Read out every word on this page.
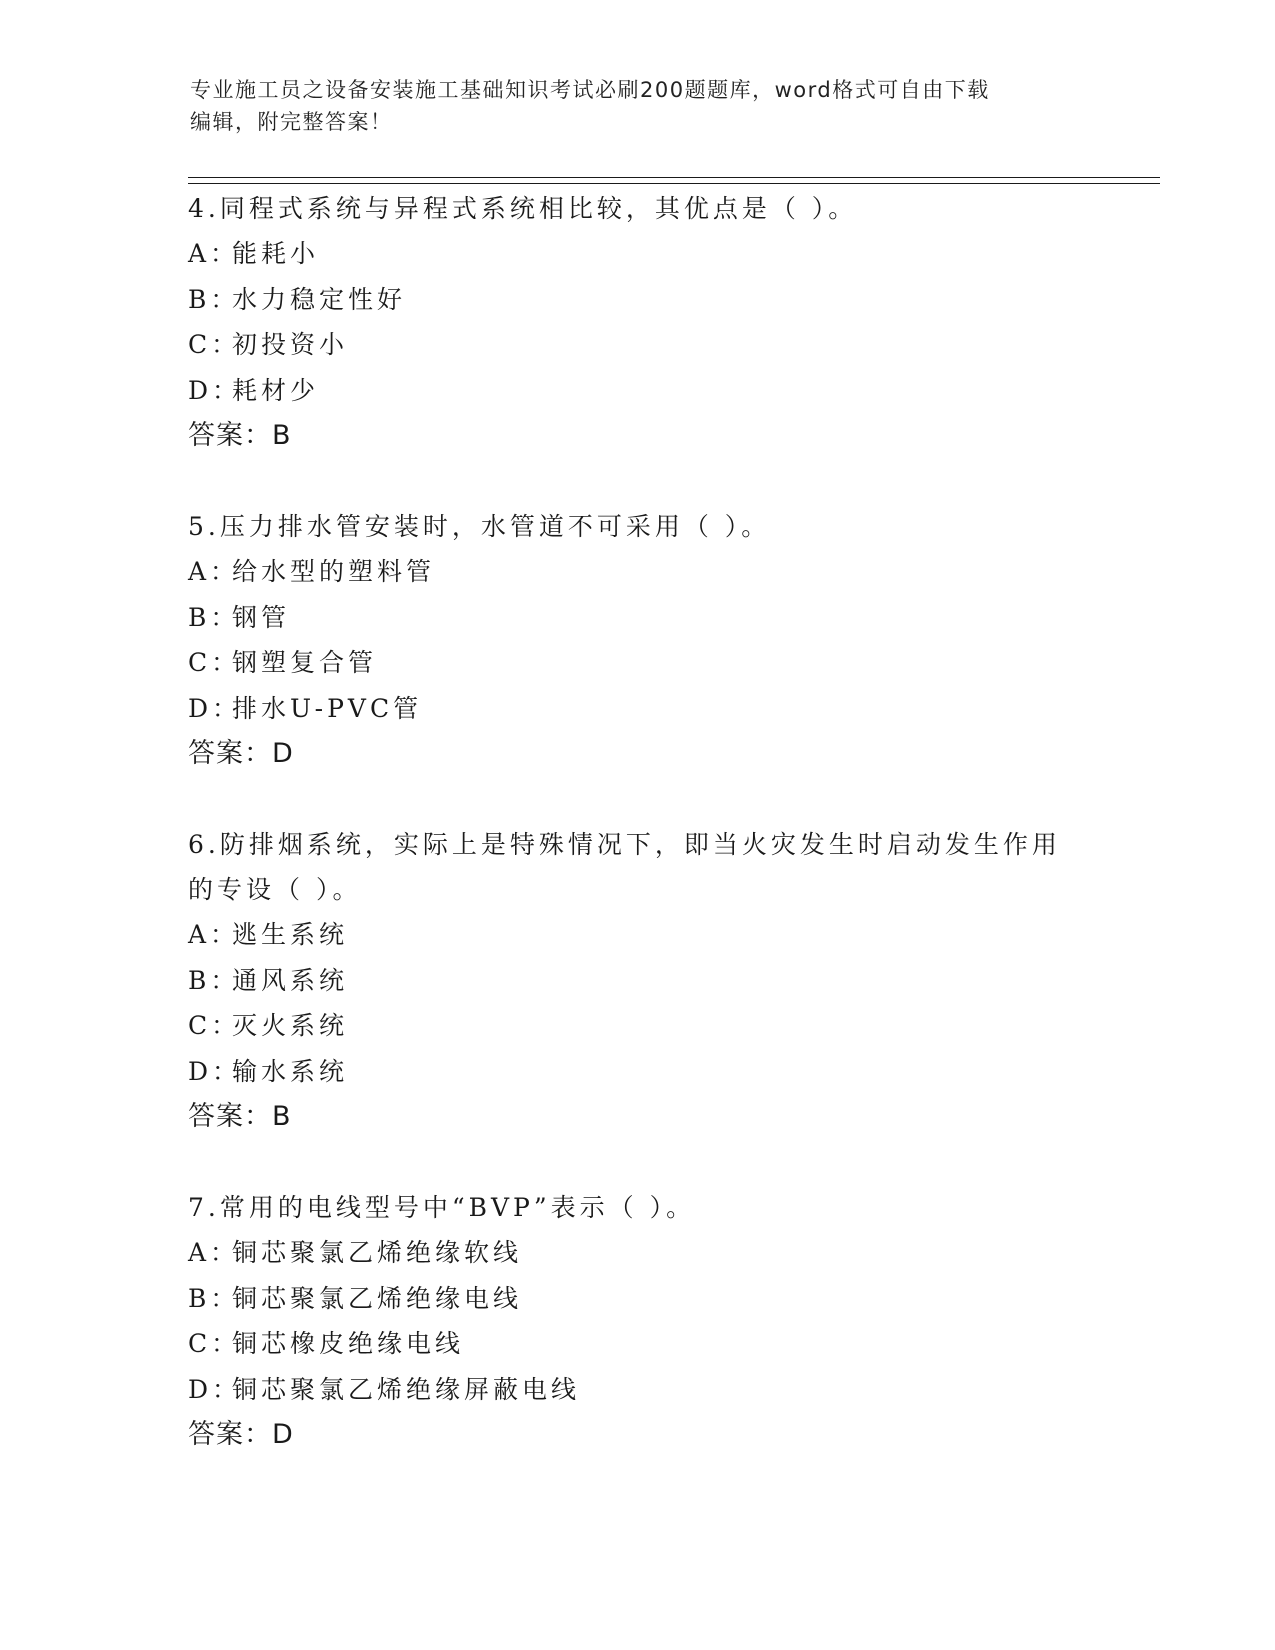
专业施工员之设备安装施工基础知识考试必刷200题题库，word格式可自由下载
编辑，附完整答案！

4.同程式系统与异程式系统相比较，其优点是（ ）。

A：
能耗小
B：
水力稳定性好
C：
初投资小
D：
耗材少

答案：B

5.压力排水管安装时，水管道不可采用（ ）。

A：
给水型的塑料管
B：
钢管
C：
钢塑复合管
D：
排水U-PVC管

答案：D

6.防排烟系统，实际上是特殊情况下，即当火灾发生时启动发生作用

的专设（ ）。

A：
逃生系统
B：
通风系统
C：
灭火系统
D：
输水系统

答案：B

7.常用的电线型号中“BVP”表示（ ）。

A：
铜芯聚氯乙烯绝缘软线
B：
铜芯聚氯乙烯绝缘电线
C：
铜芯橡皮绝缘电线
D：
铜芯聚氯乙烯绝缘屏蔽电线

答案：D
